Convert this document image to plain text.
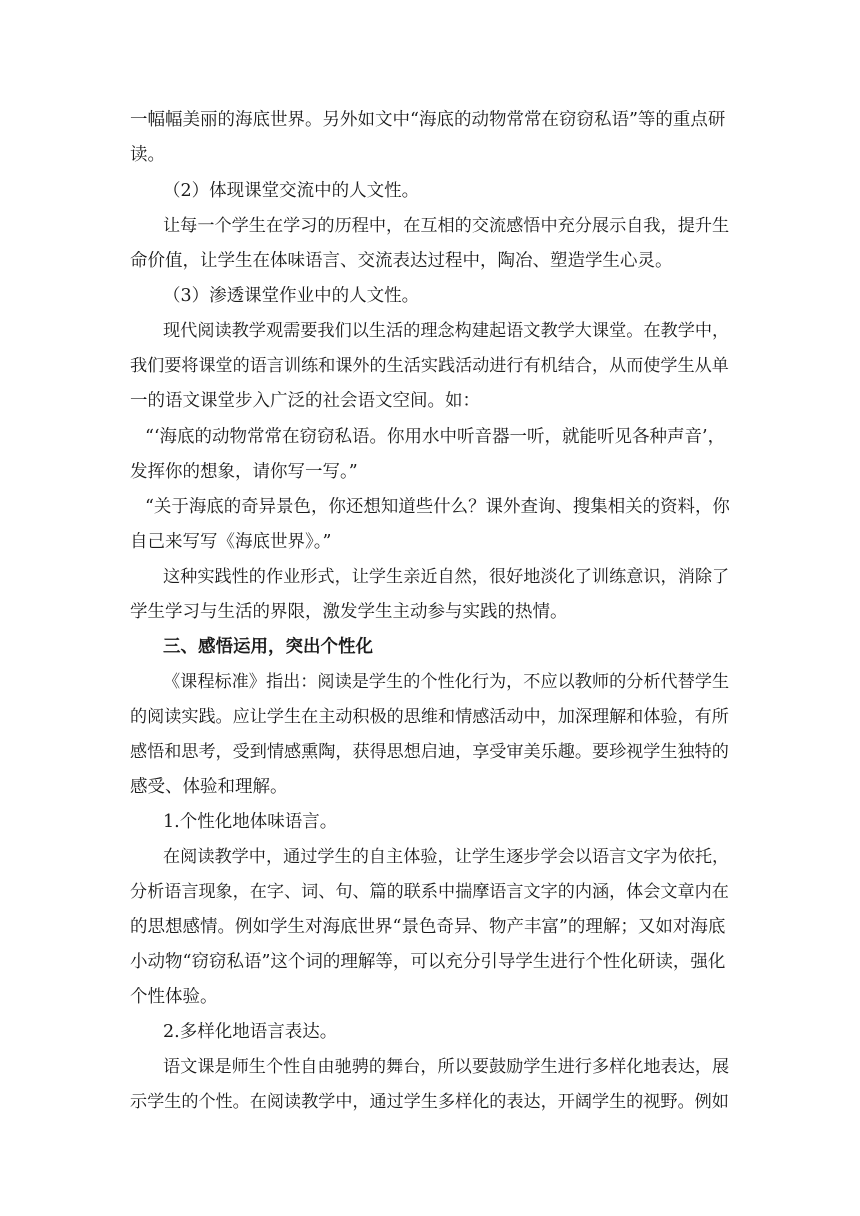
一幅幅美丽的海底世界。另外如文中“海底的动物常常在窃窃私语”等的重点研
读。
（2）体现课堂交流中的人文性。
让每一个学生在学习的历程中，在互相的交流感悟中充分展示自我，提升生
命价值，让学生在体味语言、交流表达过程中，陶冶、塑造学生心灵。
（3）渗透课堂作业中的人文性。
现代阅读教学观需要我们以生活的理念构建起语文教学大课堂。在教学中，
我们要将课堂的语言训练和课外的生活实践活动进行有机结合，从而使学生从单
一的语文课堂步入广泛的社会语文空间。如：
“‘海底的动物常常在窃窃私语。你用水中听音器一听，就能听见各种声音’，
发挥你的想象，请你写一写。”
“关于海底的奇异景色，你还想知道些什么？课外查询、搜集相关的资料，你
自己来写写《海底世界》。”
这种实践性的作业形式，让学生亲近自然，很好地淡化了训练意识，消除了
学生学习与生活的界限，激发学生主动参与实践的热情。
三、感悟运用，突出个性化
《课程标准》指出：阅读是学生的个性化行为，不应以教师的分析代替学生
的阅读实践。应让学生在主动积极的思维和情感活动中，加深理解和体验，有所
感悟和思考，受到情感熏陶，获得思想启迪，享受审美乐趣。要珍视学生独特的
感受、体验和理解。
1.个性化地体味语言。
在阅读教学中，通过学生的自主体验，让学生逐步学会以语言文字为依托，
分析语言现象，在字、词、句、篇的联系中揣摩语言文字的内涵，体会文章内在
的思想感情。例如学生对海底世界“景色奇异、物产丰富”的理解；又如对海底
小动物“窃窃私语”这个词的理解等，可以充分引导学生进行个性化研读，强化
个性体验。
2.多样化地语言表达。
语文课是师生个性自由驰骋的舞台，所以要鼓励学生进行多样化地表达，展
示学生的个性。在阅读教学中，通过学生多样化的表达，开阔学生的视野。例如
